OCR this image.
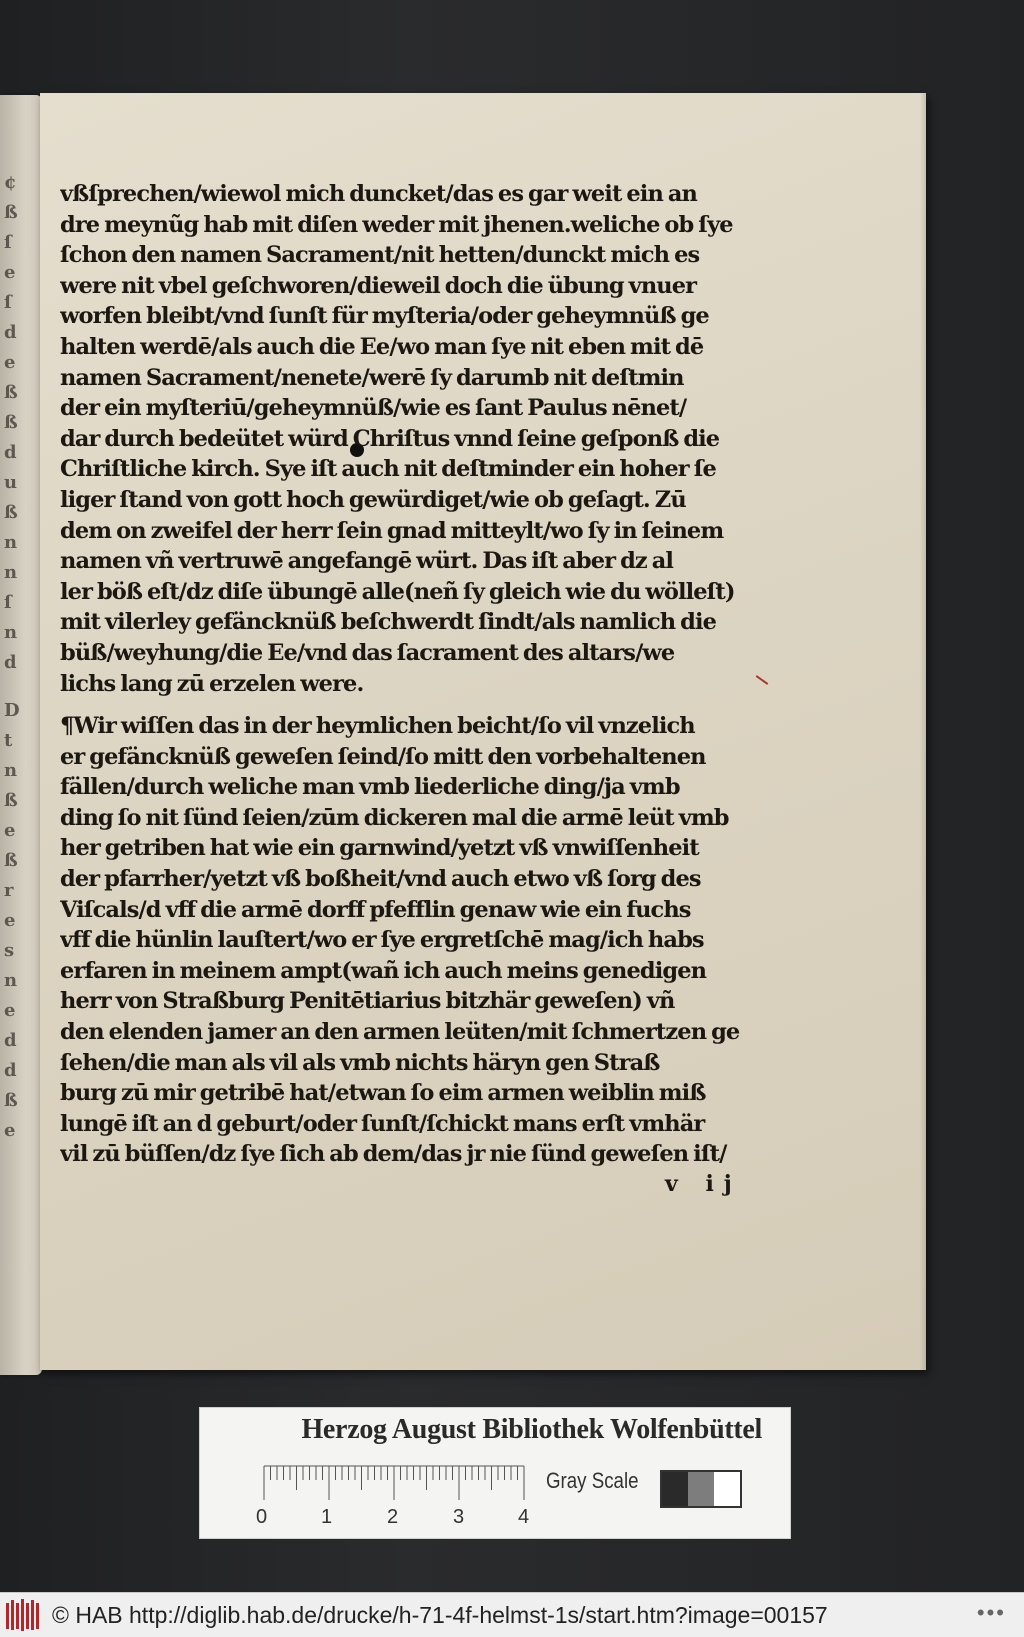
¢
ß
ſ
e
ſ
d
e
ß
ß
d
u
ß
n
n
ſ
n
d
D
t
n
ß
e
ß
r
e
s
n
e
d
d
ß
e
vßſprechen/wiewol mich duncket/das es gar weit ein an
dre meynũg hab mit diſen weder mit jhenen.weliche ob ſye
ſchon den namen Sacrament/nit hetten/dunckt mich es
were nit vbel geſchworen/dieweil doch die übung vnuer
worfen bleibt/vnd ſunſt für myſteria/oder geheymnüß ge
halten werdē/als auch die Ee/wo man ſye nit eben mit dē
namen Sacrament/nenete/werē ſy darumb nit deſtmin
der ein myſteriū/geheymnüß/wie es ſant Paulus nēnet/
dar durch bedeütet würd Chriſtus vnnd ſeine geſponß die
Chriſtliche kirch. Sye iſt auch nit deſtminder ein hoher ſe
liger ſtand von gott hoch gewürdiget/wie ob geſagt. Zū
dem on zweifel der herr ſein gnad mitteylt/wo ſy in ſeinem
namen vñ vertruwē angefangē würt. Das iſt aber dz al
ler böß eſt/dz diſe übungē alle(neñ ſy gleich wie du wölleſt)
mit vilerley gefäncknüß beſchwerdt ſindt/als namlich die
büß/weyhung/die Ee/vnd das ſacrament des altars/we
lichs lang zū erzelen were.
¶Wir wiſſen das in der heymlichen beicht/ſo vil vnzelich
er gefäncknüß geweſen ſeind/ſo mitt den vorbehaltenen
fällen/durch weliche man vmb liederliche ding/ja vmb
ding ſo nit ſünd ſeien/zūm dickeren mal die armē leüt vmb
her getriben hat wie ein garnwind/yetzt vß vnwiſſenheit
der pfarrher/yetzt vß boßheit/vnd auch etwo vß ſorg des
Viſcals/d vff die armē dorff pfefflin genaw wie ein fuchs
vff die hünlin lauſtert/wo er ſye ergretſchē mag/ich habs
erfaren in meinem ampt(wañ ich auch meins genedigen
herr von Straßburg Penitētiarius bitzhär geweſen) vñ
den elenden jamer an den armen leüten/mit ſchmertzen ge
ſehen/die man als vil als vmb nichts häryn gen Straß
burg zū mir getribē hat/etwan ſo eim armen weiblin miß
lungē iſt an d geburt/oder ſunſt/ſchickt mans erſt vmhär
vil zū büſſen/dz ſye ſich ab dem/das jr nie ſünd geweſen iſt/
v ij
Herzog August Bibliothek Wolfenbüttel
0	1	2	3	4
Gray Scale
© HAB http://diglib.hab.de/drucke/h-71-4f-helmst-1s/start.htm?image=00157	•••
